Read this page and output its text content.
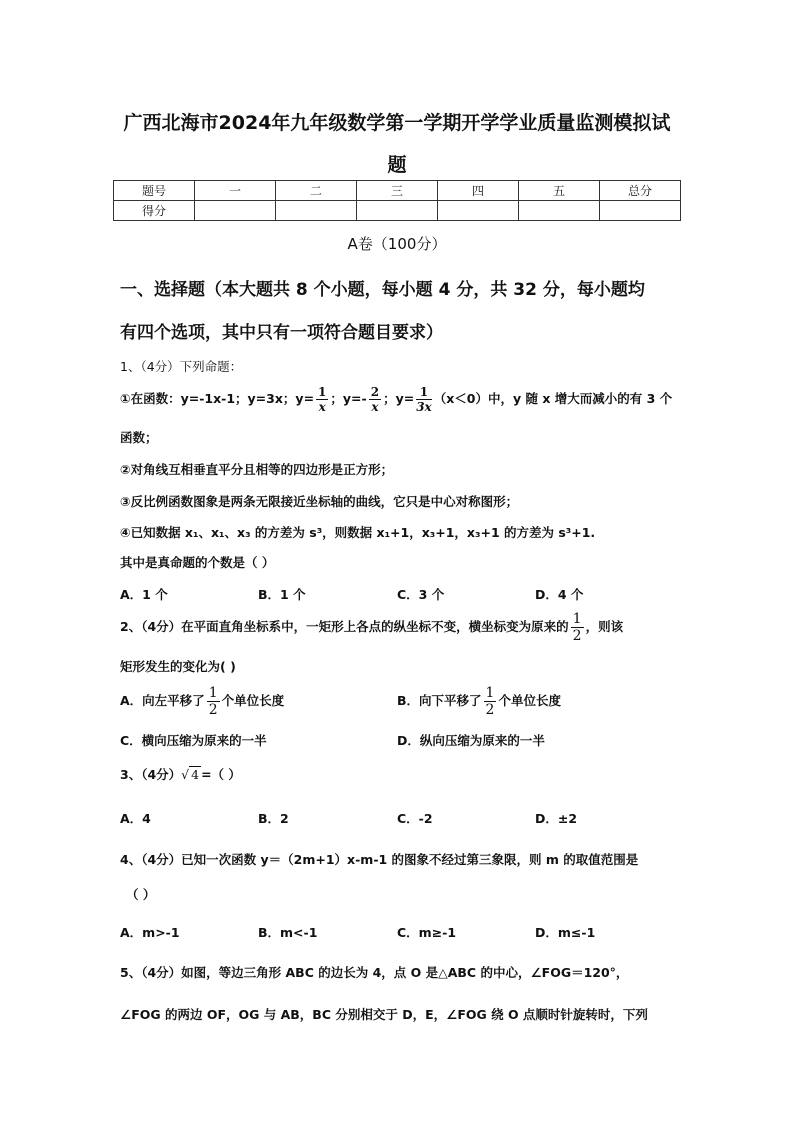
广西北海市2024年九年级数学第一学期开学学业质量监测模拟试
题
题号	一	二	三	四	五	总分
得分						
A卷（100分）
一、选择题（本大题共 8 个小题，每小题 4 分，共 32 分，每小题均
有四个选项，其中只有一项符合题目要求）
1、（4分）下列命题：
①在函数：y=-1x-1；y=3x；$y= \frac{1}{x}$ ；$y=- \frac{2}{x}$ ；$y= \frac{1}{3x} (x<0)$中，y 随 x 增大而减小的有 3 个
函数；
②对角线互相垂直平分且相等的四边形是正方形；
③反比例函数图象是两条无限接近坐标轴的曲线，它只是中心对称图形；
④已知数据 x₁、x₁、x₃ 的方差为 s³，则数据 x₁+1，x₃+1，x₃+1 的方差为 s³+1.
其中是真命题的个数是（ ）
A．1 个	B．1 个	C．3 个	D．4 个
2、（4分）在平面直角坐标系中，一矩形上各点的纵坐标不变，横坐标变为原来的 $\frac{1}{2}$ ，则该
矩形发生的变化为( )
A．向左平移了 $\frac{1}{2}$ 个单位长度	B．向下平移了 $\frac{1}{2}$ 个单位长度
C．横向压缩为原来的一半	D．纵向压缩为原来的一半
3、（4分）√ 4 =（ ）
A．4	B．2	C．-2	D．±2
4、（4分）已知一次函数 y＝（2m+1）x-m-1 的图象不经过第三象限，则 m 的取值范围是
（ ）
A．m>-1	B．m<-1	C．m≥-1	D．m≤-1
5、（4分）如图，等边三角形 ABC 的边长为 4，点 O 是△ABC 的中心，∠FOG＝120°，
∠FOG 的两边 OF，OG 与 AB，BC 分别相交于 D，E，∠FOG 绕 O 点顺时针旋转时，下列
